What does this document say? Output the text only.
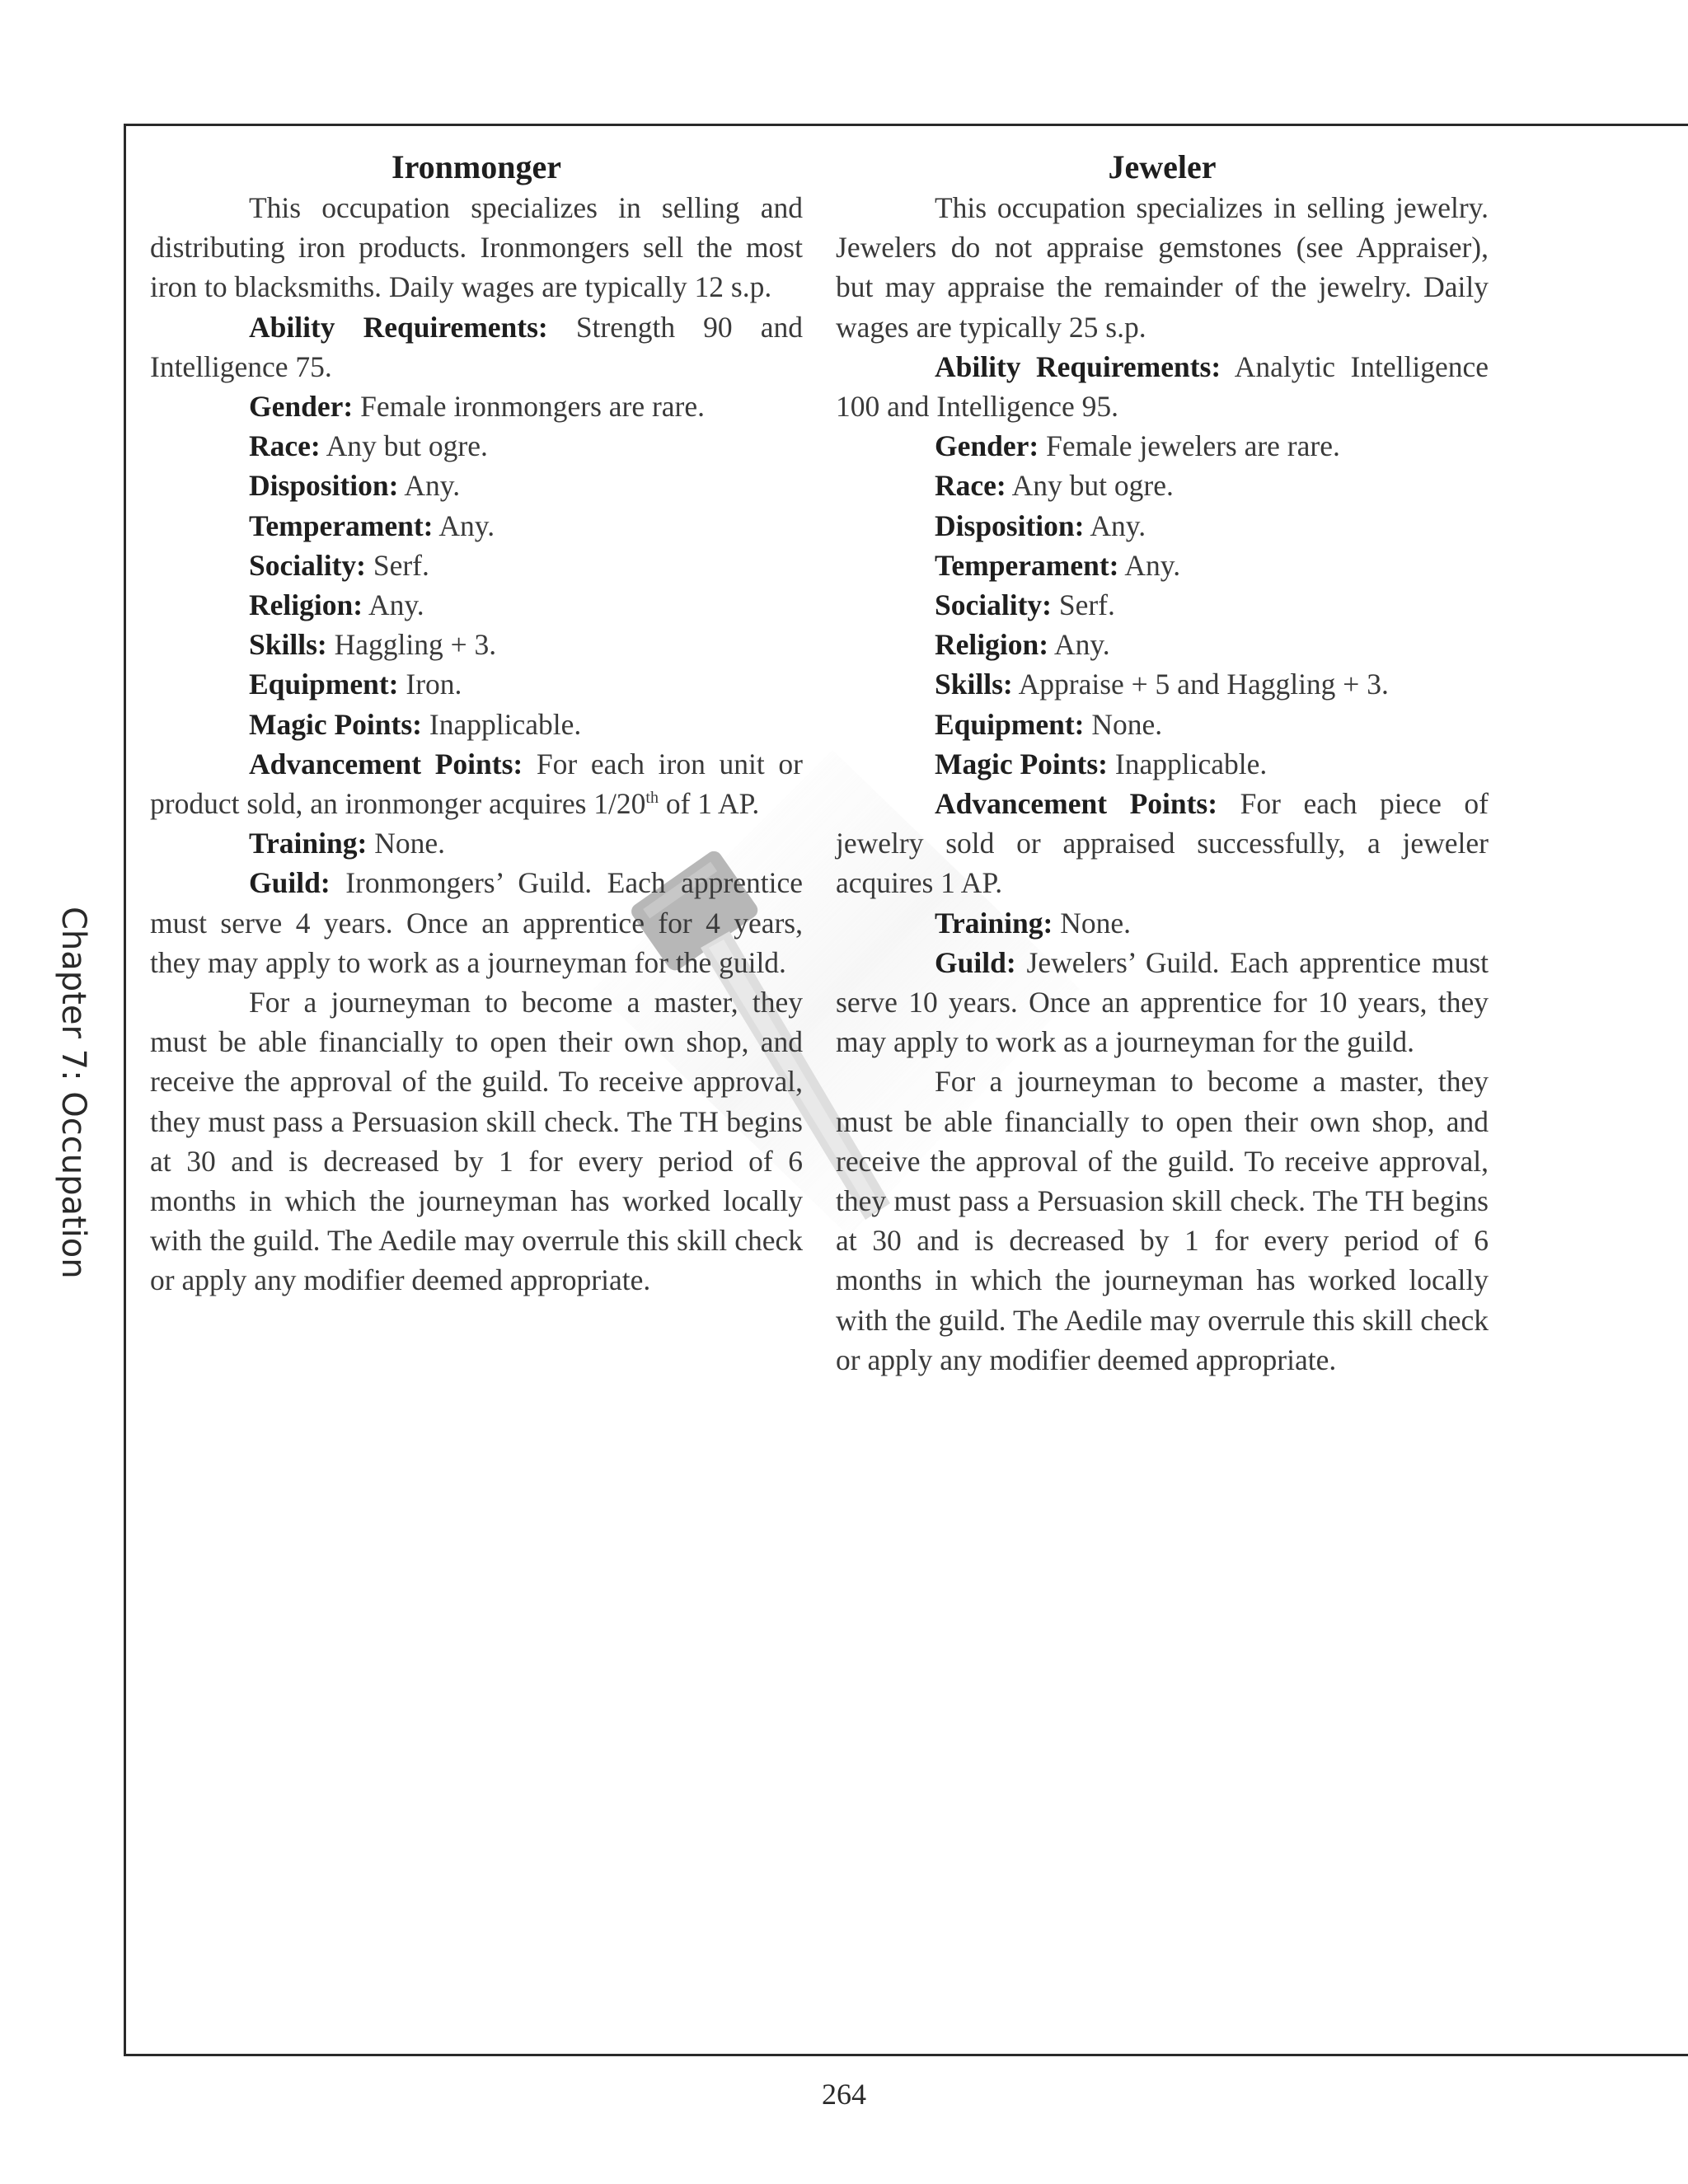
Chapter 7: Occupation
Ironmonger

This occupation specializes in selling and distributing iron products. Ironmongers sell the most iron to blacksmiths. Daily wages are typically 12 s.p.

Ability Requirements: Strength 90 and Intelligence 75.

Gender: Female ironmongers are rare.

Race: Any but ogre.

Disposition: Any.

Temperament: Any.

Sociality: Serf.

Religion: Any.

Skills: Haggling + 3.

Equipment: Iron.

Magic Points: Inapplicable.

Advancement Points: For each iron unit or product sold, an ironmonger acquires 1/20th of 1 AP.

Training: None.

Guild: Ironmongers’ Guild. Each apprentice must serve 4 years. Once an apprentice for 4 years, they may apply to work as a journeyman for the guild.

For a journeyman to become a master, they must be able financially to open their own shop, and receive the approval of the guild. To receive approval, they must pass a Persuasion skill check. The TH begins at 30 and is decreased by 1 for every period of 6 months in which the journeyman has worked locally with the guild. The Aedile may overrule this skill check or apply any modifier deemed appropriate.

Jeweler

This occupation specializes in selling jewelry. Jewelers do not appraise gemstones (see Appraiser), but may appraise the remainder of the jewelry. Daily wages are typically 25 s.p.

Ability Requirements: Analytic Intelligence 100 and Intelligence 95.

Gender: Female jewelers are rare.

Race: Any but ogre.

Disposition: Any.

Temperament: Any.

Sociality: Serf.

Religion: Any.

Skills: Appraise + 5 and Haggling + 3.

Equipment: None.

Magic Points: Inapplicable.

Advancement Points: For each piece of jewelry sold or appraised successfully, a jeweler acquires 1 AP.

Training: None.

Guild: Jewelers’ Guild. Each apprentice must serve 10 years. Once an apprentice for 10 years, they may apply to work as a journeyman for the guild.

For a journeyman to become a master, they must be able financially to open their own shop, and receive the approval of the guild. To receive approval, they must pass a Persuasion skill check. The TH begins at 30 and is decreased by 1 for every period of 6 months in which the journeyman has worked locally with the guild. The Aedile may overrule this skill check or apply any modifier deemed appropriate.

264
